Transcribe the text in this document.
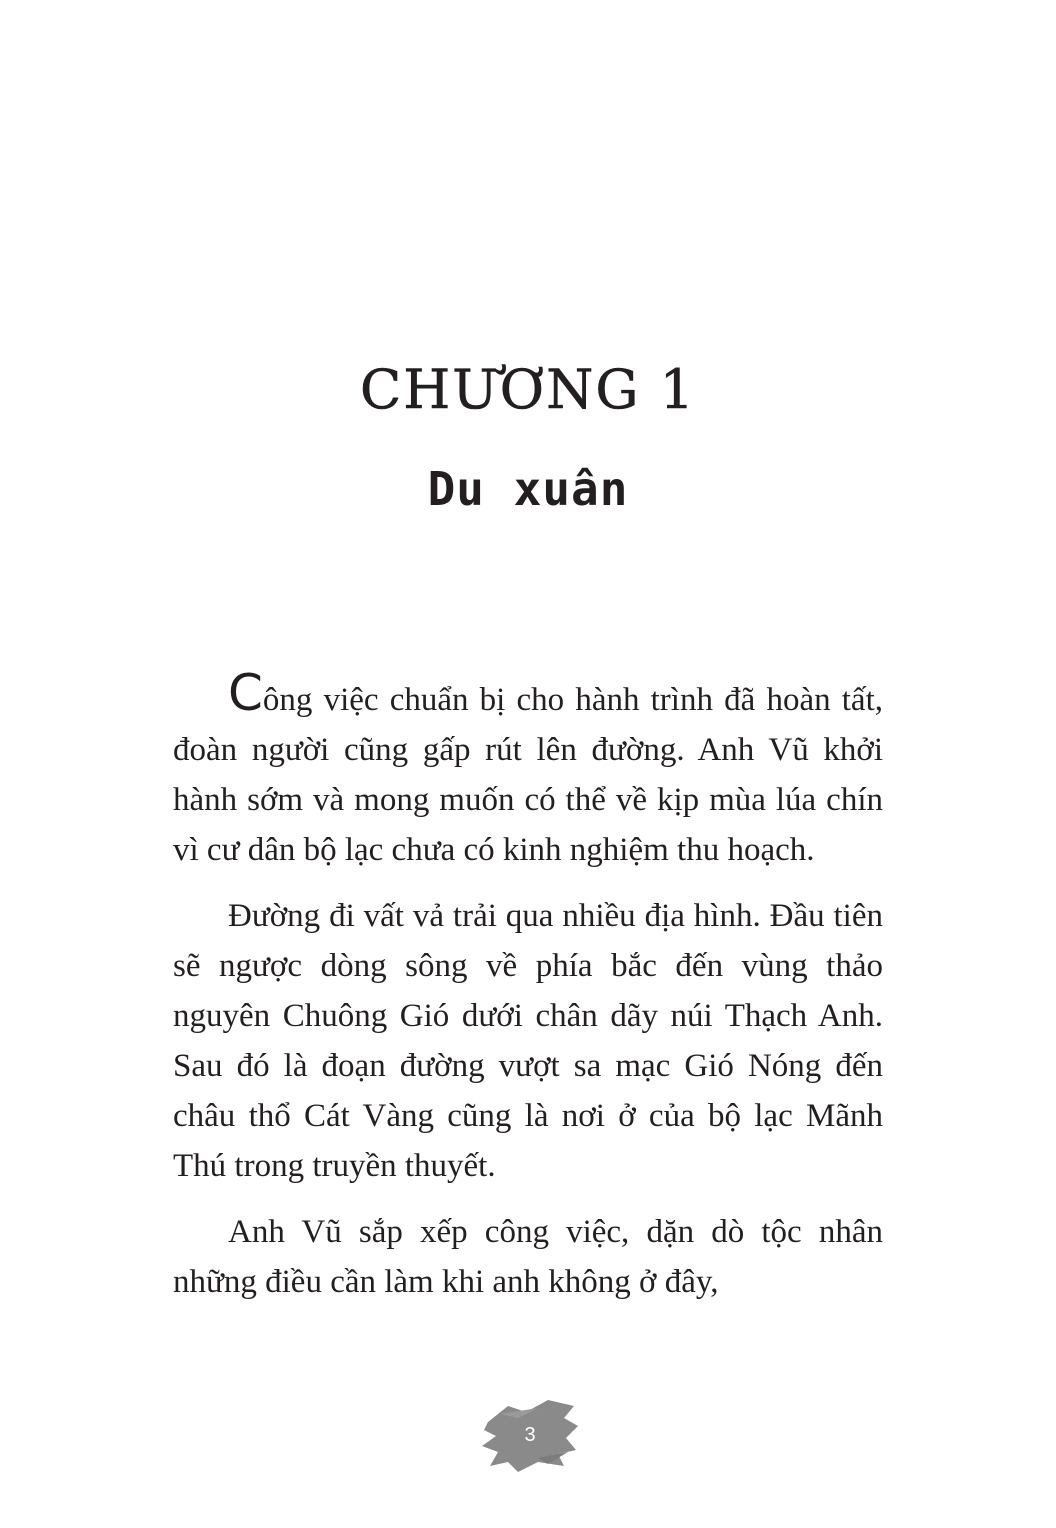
CHƯƠNG 1
Du xuân

Công việc chuẩn bị cho hành trình đã hoàn tất, đoàn người cũng gấp rút lên đường. Anh Vũ khởi hành sớm và mong muốn có thể về kịp mùa lúa chín vì cư dân bộ lạc chưa có kinh nghiệm thu hoạch.

Đường đi vất vả trải qua nhiều địa hình. Đầu tiên sẽ ngược dòng sông về phía bắc đến vùng thảo nguyên Chuông Gió dưới chân dãy núi Thạch Anh. Sau đó là đoạn đường vượt sa mạc Gió Nóng đến châu thổ Cát Vàng cũng là nơi ở của bộ lạc Mãnh Thú trong truyền thuyết.

Anh Vũ sắp xếp công việc, dặn dò tộc nhân những điều cần làm khi anh không ở đây,

3
